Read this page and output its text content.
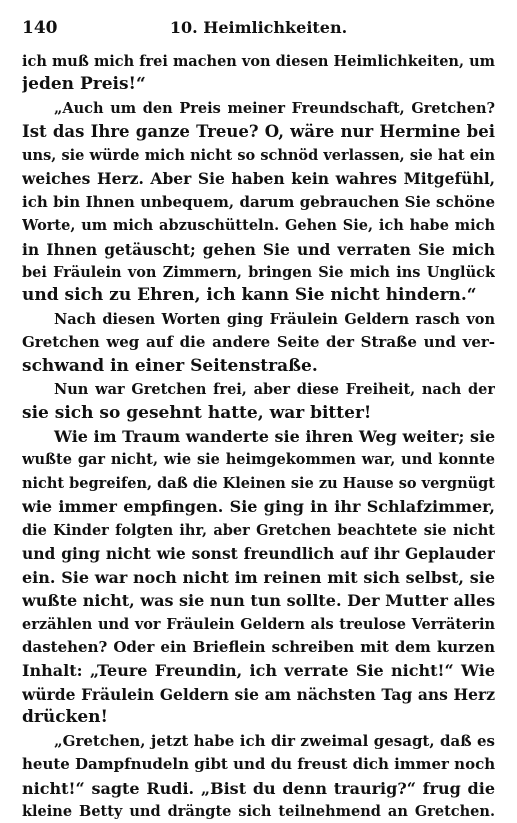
140	10. Heimlichkeiten.
ich muß mich frei machen von diesen Heimlichkeiten, um
jeden Preis!“
„Auch um den Preis meiner Freundschaft, Gretchen?
Ist das Ihre ganze Treue? O, wäre nur Hermine bei
uns, sie würde mich nicht so schnöd verlassen, sie hat ein
weiches Herz. Aber Sie haben kein wahres Mitgefühl,
ich bin Ihnen unbequem, darum gebrauchen Sie schöne
Worte, um mich abzuschütteln. Gehen Sie, ich habe mich
in Ihnen getäuscht; gehen Sie und verraten Sie mich
bei Fräulein von Zimmern, bringen Sie mich ins Unglück
und sich zu Ehren, ich kann Sie nicht hindern.“
Nach diesen Worten ging Fräulein Geldern rasch von
Gretchen weg auf die andere Seite der Straße und ver-
schwand in einer Seitenstraße.
Nun war Gretchen frei, aber diese Freiheit, nach der
sie sich so gesehnt hatte, war bitter!
Wie im Traum wanderte sie ihren Weg weiter; sie
wußte gar nicht, wie sie heimgekommen war, und konnte
nicht begreifen, daß die Kleinen sie zu Hause so vergnügt
wie immer empfingen. Sie ging in ihr Schlafzimmer,
die Kinder folgten ihr, aber Gretchen beachtete sie nicht
und ging nicht wie sonst freundlich auf ihr Geplauder
ein. Sie war noch nicht im reinen mit sich selbst, sie
wußte nicht, was sie nun tun sollte. Der Mutter alles
erzählen und vor Fräulein Geldern als treulose Verräterin
dastehen? Oder ein Brieflein schreiben mit dem kurzen
Inhalt: „Teure Freundin, ich verrate Sie nicht!“ Wie
würde Fräulein Geldern sie am nächsten Tag ans Herz
drücken!
„Gretchen, jetzt habe ich dir zweimal gesagt, daß es
heute Dampfnudeln gibt und du freust dich immer noch
nicht!“ sagte Rudi. „Bist du denn traurig?“ frug die
kleine Betty und drängte sich teilnehmend an Gretchen.
